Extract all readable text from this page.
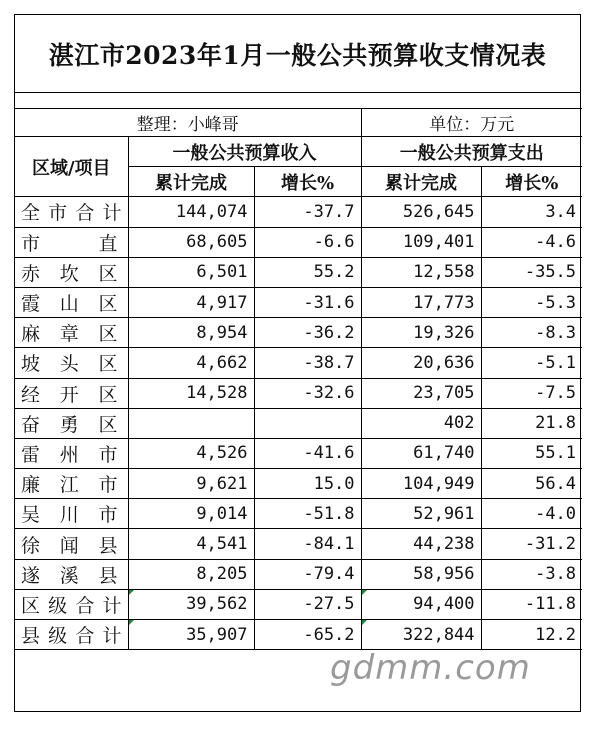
湛江市2023年1月一般公共预算收支情况表
整理：小峰哥			单位：万元	
区域/项目	一般公共预算收入		一般公共预算支出	
	累计完成	增长%	累计完成	增长%
全市合计	144,074	-37.7	526,645	3.4
市直	68,605	-6.6	109,401	-4.6
赤坎区	6,501	55.2	12,558	-35.5
霞山区	4,917	-31.6	17,773	-5.3
麻章区	8,954	-36.2	19,326	-8.3
坡头区	4,662	-38.7	20,636	-5.1
经开区	14,528	-32.6	23,705	-7.5
奋勇区			402	21.8
雷州市	4,526	-41.6	61,740	55.1
廉江市	9,621	15.0	104,949	56.4
吴川市	9,014	-51.8	52,961	-4.0
徐闻县	4,541	-84.1	44,238	-31.2
遂溪县	8,205	-79.4	58,956	-3.8
区级合计	39,562	-27.5	94,400	-11.8
县级合计	35,907	-65.2	322,844	12.2
gdmm.com
